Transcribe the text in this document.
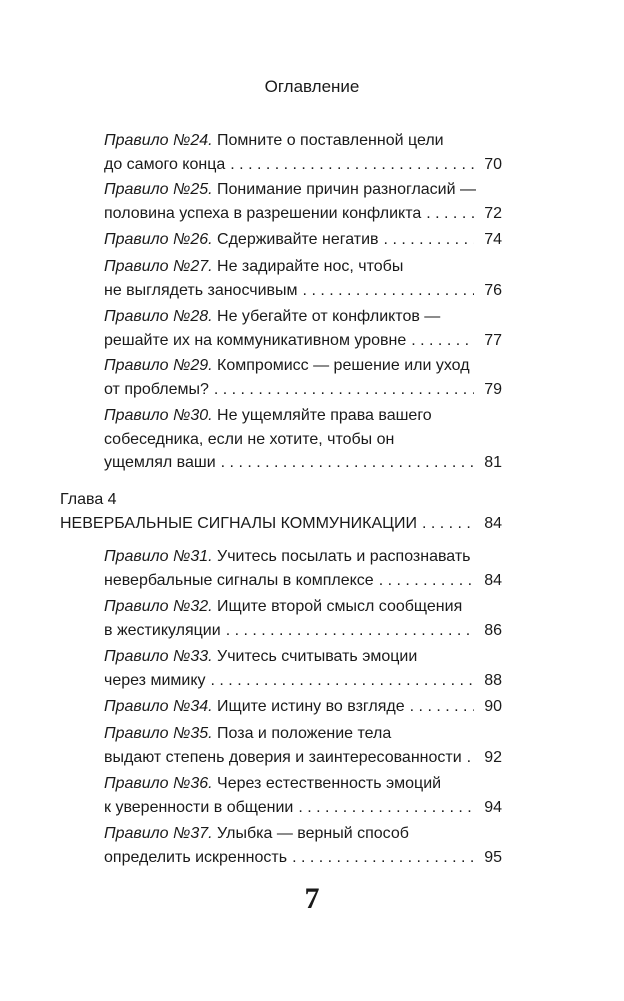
Оглавление
Правило №24. Помните о поставленной цели
до самого конца . . .	70
Правило №25. Понимание причин разногласий —
половина успеха в разрешении конфликта . . .	72
Правило №26. Сдерживайте негатив . . .	74
Правило №27. Не задирайте нос, чтобы
не выглядеть заносчивым . . .	76
Правило №28. Не убегайте от конфликтов —
решайте их на коммуникативном уровне . . .	77
Правило №29. Компромисс — решение или уход
от проблемы? . . .	79
Правило №30. Не ущемляйте права вашего
собеседника, если не хотите, чтобы он
ущемлял ваши . . .	81
Глава 4
НЕВЕРБАЛЬНЫЕ СИГНАЛЫ КОММУНИКАЦИИ . . .	84
Правило №31. Учитесь посылать и распознавать
невербальные сигналы в комплексе . . .	84
Правило №32. Ищите второй смысл сообщения
в жестикуляции . . .	86
Правило №33. Учитесь считывать эмоции
через мимику . . .	88
Правило №34. Ищите истину во взгляде . . .	90
Правило №35. Поза и положение тела
выдают степень доверия и заинтересованности . . . 92
Правило №36. Через естественность эмоций
к уверенности в общении . . .	94
Правило №37. Улыбка — верный способ
определить искренность . . .	95
7
